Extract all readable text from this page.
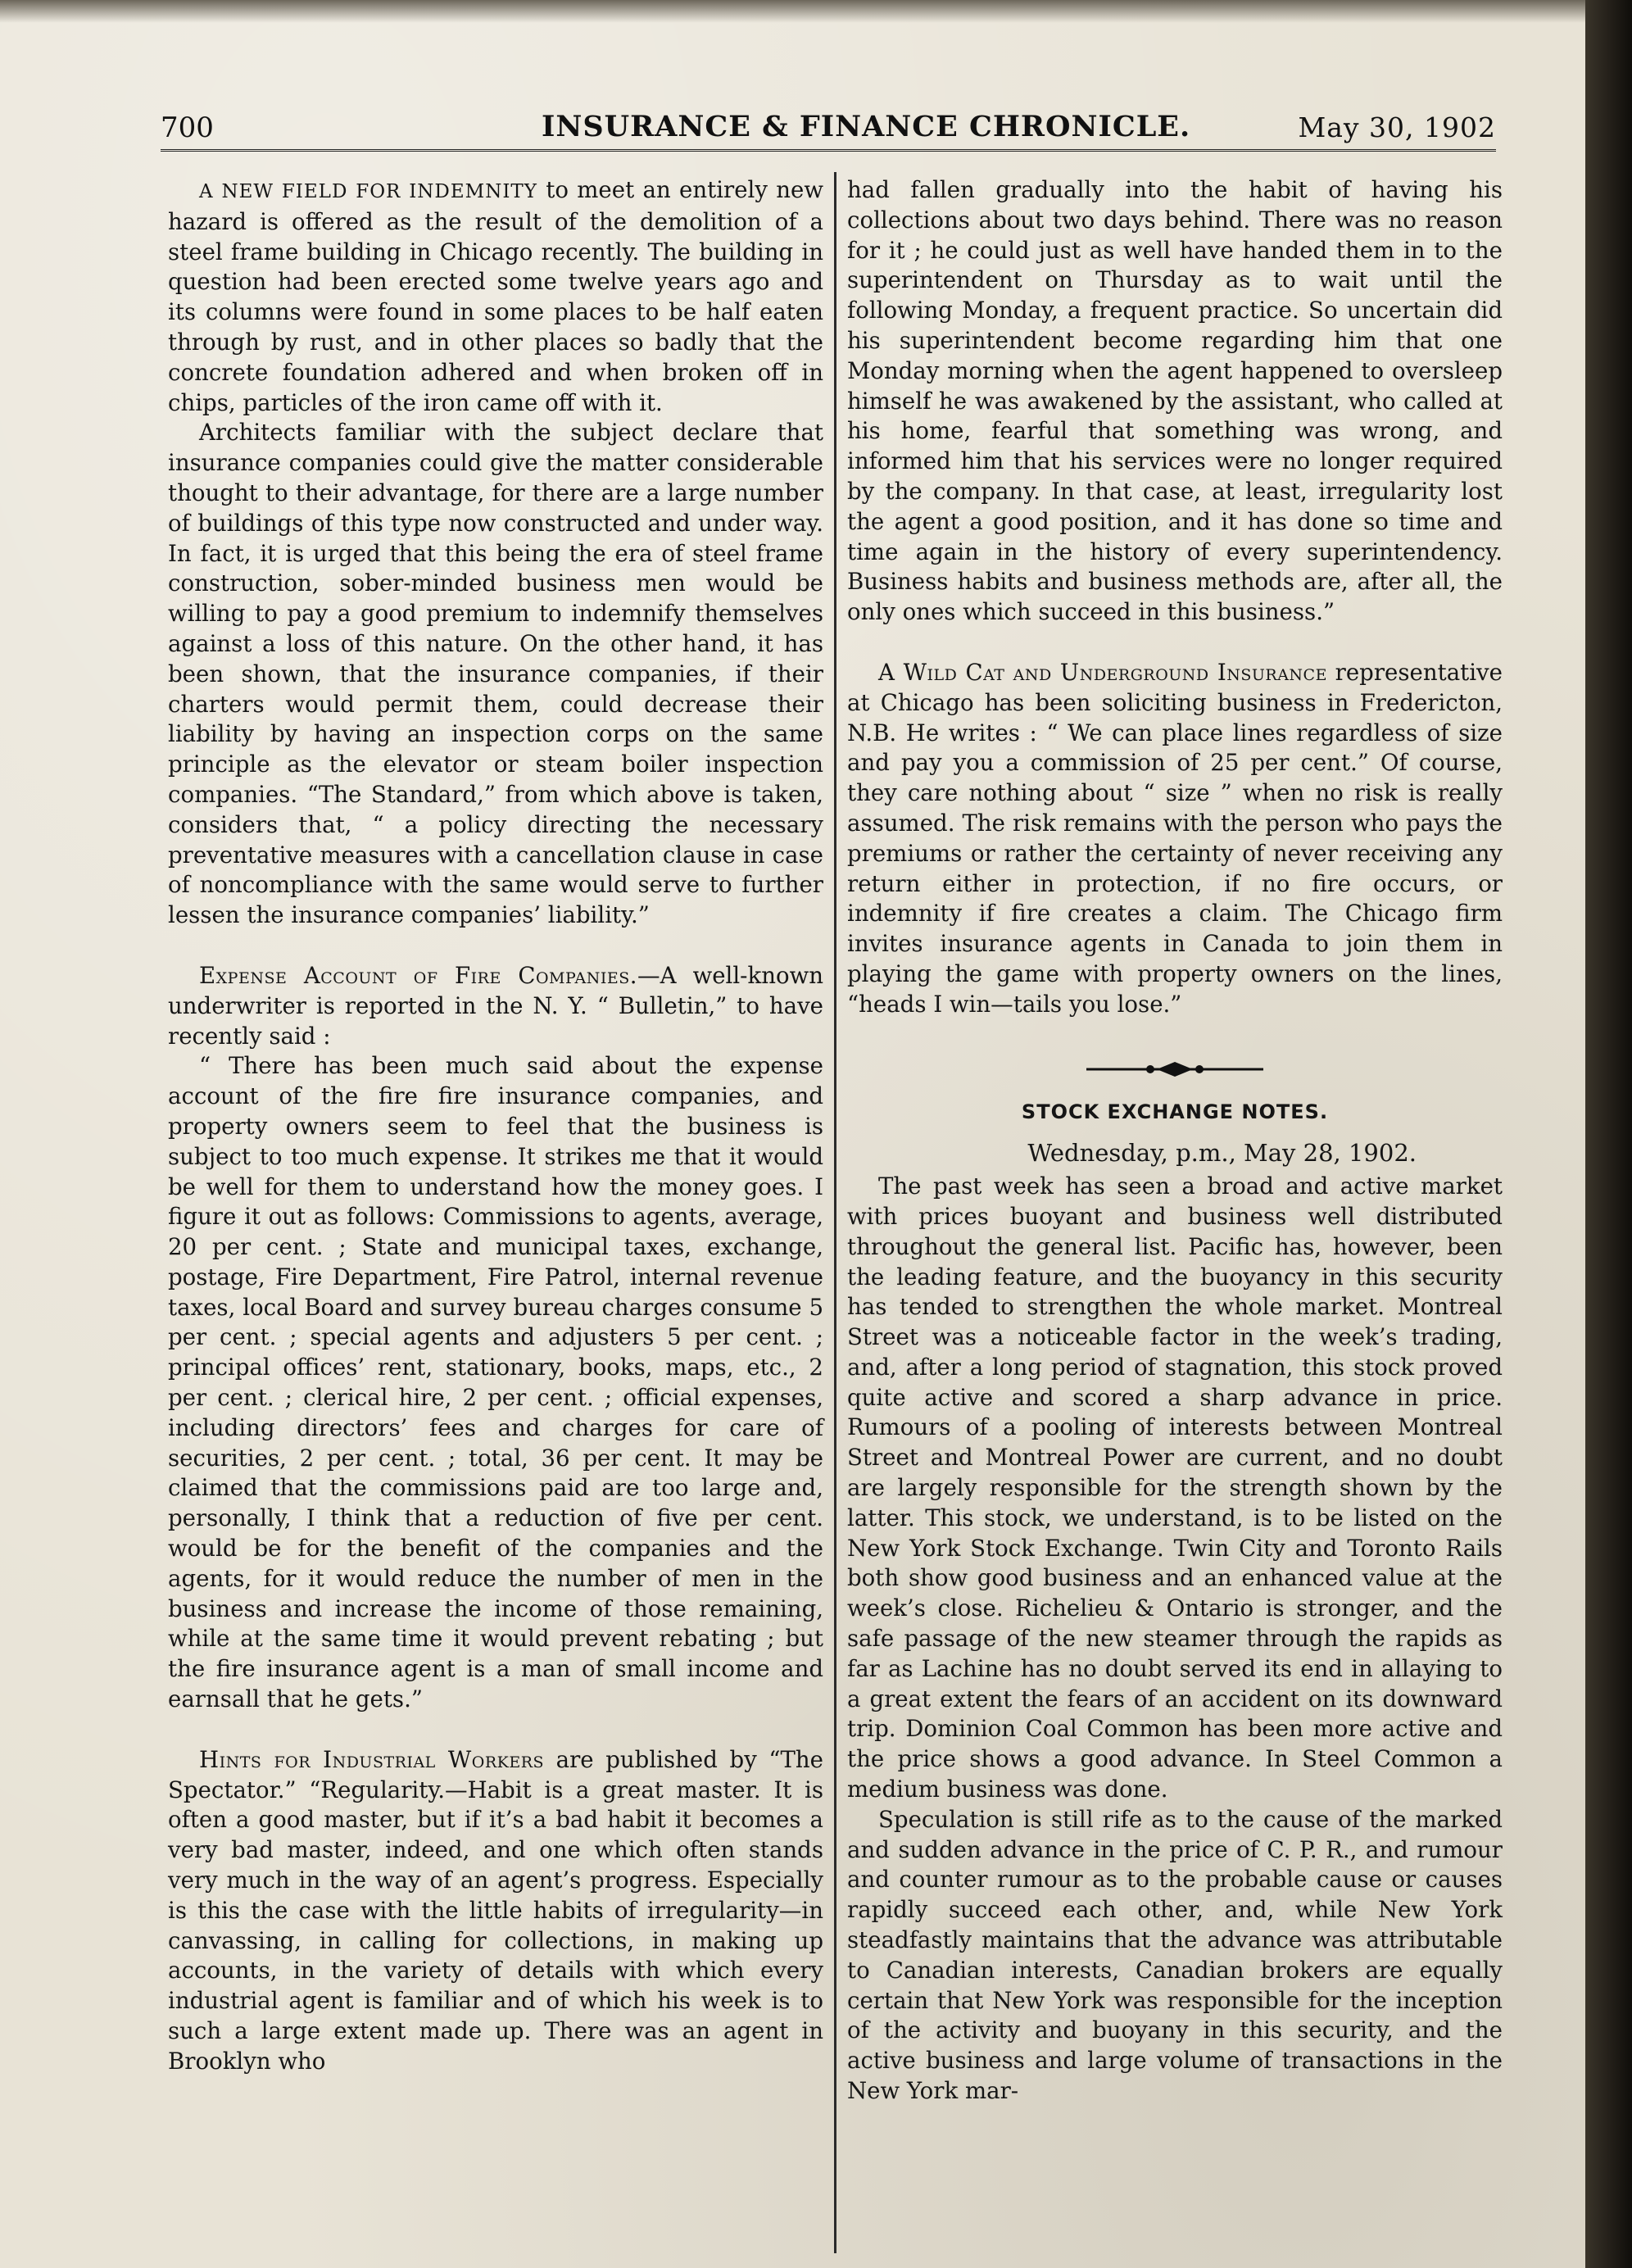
700	INSURANCE & FINANCE CHRONICLE.	May 30, 1902

A NEW FIELD FOR INDEMNITY to meet an entirely new hazard is offered as the result of the demolition of a steel frame building in Chicago recently. The building in question had been erected some twelve years ago and its columns were found in some places to be half eaten through by rust, and in other places so badly that the concrete foundation adhered and when broken off in chips, particles of the iron came off with it.

Architects familiar with the subject declare that insurance companies could give the matter considerable thought to their advantage, for there are a large number of buildings of this type now constructed and under way. In fact, it is urged that this being the era of steel frame construction, sober-minded business men would be willing to pay a good premium to indemnify themselves against a loss of this nature. On the other hand, it has been shown, that the insurance companies, if their charters would permit them, could decrease their liability by having an inspection corps on the same principle as the elevator or steam boiler inspection companies. “The Standard,” from which above is taken, considers that, “ a policy directing the necessary preventative measures with a cancellation clause in case of noncompliance with the same would serve to further lessen the insurance companies’ liability.”

Expense Account of Fire Companies.—A well-known underwriter is reported in the N. Y. “ Bulletin,” to have recently said :

“ There has been much said about the expense account of the fire fire insurance companies, and property owners seem to feel that the business is subject to too much expense. It strikes me that it would be well for them to understand how the money goes. I figure it out as follows: Commissions to agents, average, 20 per cent. ; State and municipal taxes, exchange, postage, Fire Department, Fire Patrol, internal revenue taxes, local Board and survey bureau charges consume 5 per cent. ; special agents and adjusters 5 per cent. ; principal offices’ rent, stationary, books, maps, etc., 2 per cent. ; clerical hire, 2 per cent. ; official expenses, including directors’ fees and charges for care of securities, 2 per cent. ; total, 36 per cent. It may be claimed that the commissions paid are too large and, personally, I think that a reduction of five per cent. would be for the benefit of the companies and the agents, for it would reduce the number of men in the business and increase the income of those remaining, while at the same time it would prevent rebating ; but the fire insurance agent is a man of small income and earnsall that he gets.”

Hints for Industrial Workers are published by “The Spectator.” “Regularity.—Habit is a great master. It is often a good master, but if it’s a bad habit it becomes a very bad master, indeed, and one which often stands very much in the way of an agent’s progress. Especially is this the case with the little habits of irregularity—in canvassing, in calling for collections, in making up accounts, in the variety of details with which every industrial agent is familiar and of which his week is to such a large extent made up. There was an agent in Brooklyn who

had fallen gradually into the habit of having his collections about two days behind. There was no reason for it ; he could just as well have handed them in to the superintendent on Thursday as to wait until the following Monday, a frequent practice. So uncertain did his superintendent become regarding him that one Monday morning when the agent happened to oversleep himself he was awakened by the assistant, who called at his home, fearful that something was wrong, and informed him that his services were no longer required by the company. In that case, at least, irregularity lost the agent a good position, and it has done so time and time again in the history of every superintendency. Business habits and business methods are, after all, the only ones which succeed in this business.”

A Wild Cat and Underground Insurance representative at Chicago has been soliciting business in Fredericton, N.B. He writes : “ We can place lines regardless of size and pay you a commission of 25 per cent.” Of course, they care nothing about “ size ” when no risk is really assumed. The risk remains with the person who pays the premiums or rather the certainty of never receiving any return either in protection, if no fire occurs, or indemnity if fire creates a claim. The Chicago firm invites insurance agents in Canada to join them in playing the game with property owners on the lines, “heads I win—tails you lose.”

STOCK EXCHANGE NOTES.

Wednesday, p.m., May 28, 1902.

The past week has seen a broad and active market with prices buoyant and business well distributed throughout the general list. Pacific has, however, been the leading feature, and the buoyancy in this security has tended to strengthen the whole market. Montreal Street was a noticeable factor in the week’s trading, and, after a long period of stagnation, this stock proved quite active and scored a sharp advance in price. Rumours of a pooling of interests between Montreal Street and Montreal Power are current, and no doubt are largely responsible for the strength shown by the latter. This stock, we understand, is to be listed on the New York Stock Exchange. Twin City and Toronto Rails both show good business and an enhanced value at the week’s close. Richelieu & Ontario is stronger, and the safe passage of the new steamer through the rapids as far as Lachine has no doubt served its end in allaying to a great extent the fears of an accident on its downward trip. Dominion Coal Common has been more active and the price shows a good advance. In Steel Common a medium business was done.

Speculation is still rife as to the cause of the marked and sudden advance in the price of C. P. R., and rumour and counter rumour as to the probable cause or causes rapidly succeed each other, and, while New York steadfastly maintains that the advance was attributable to Canadian interests, Canadian brokers are equally certain that New York was responsible for the inception of the activity and buoyany in this security, and the active business and large volume of transactions in the New York mar-
